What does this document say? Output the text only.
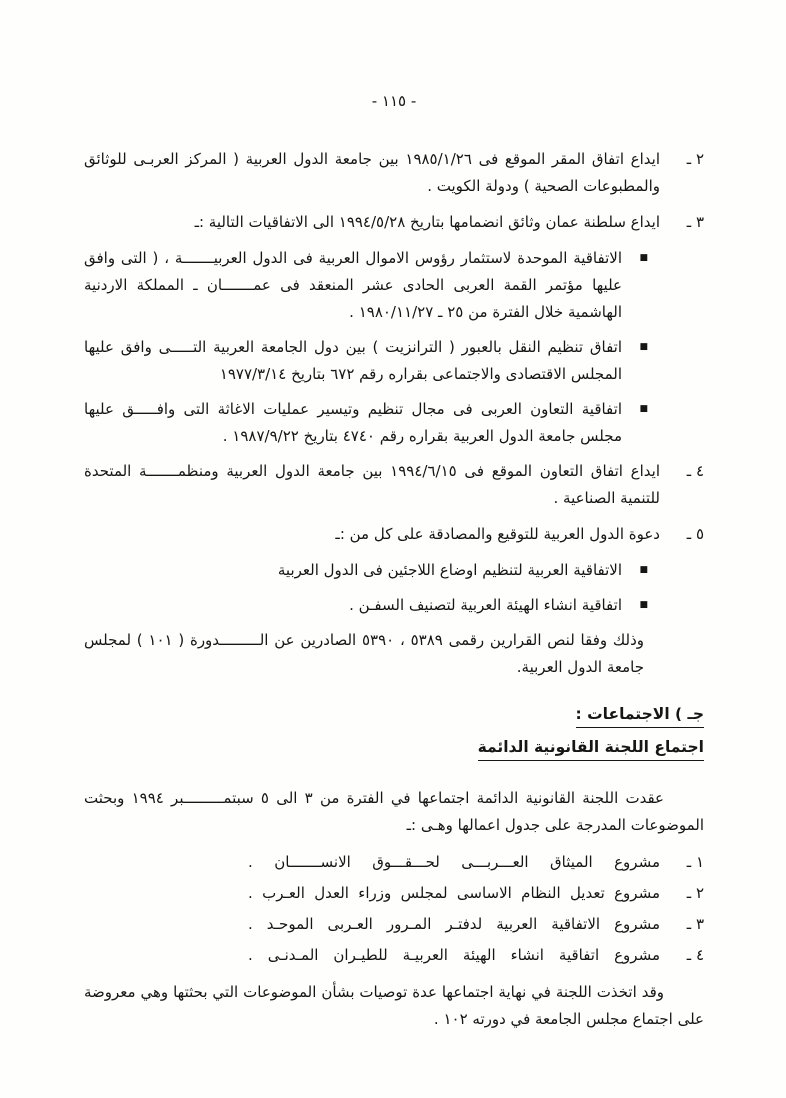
- ١١٥ -
٢ ـ

ايداع اتفاق المقر الموقع فى ١٩٨٥/١/٢٦ بين جامعة الدول العربية ( المركز العربـى للوثائق والمطبوعات الصحية ) ودولة الكويت .

٣ ـ

ايداع سلطنة عمان وثائق انضمامها بتاريخ ١٩٩٤/٥/٢٨ الى الاتفاقيات التالية :ـ

■

الاتفاقية الموحدة لاستثمار رؤوس الاموال العربية فى الدول العربيـــــــة ، ( التى وافق عليها مؤتمر القمة العربى الحادى عشر المنعقد فى عمـــــــان ـ المملكة الاردنية الهاشمية خلال الفترة من ٢٥ ـ ١٩٨٠/١١/٢٧ .

■

اتفاق تنظيم النقل بالعبور ( الترانزيت ) بين دول الجامعة العربية التـــــى وافق عليها المجلس الاقتصادى والاجتماعى بقراره رقم ٦٧٢ بتاريخ ١٩٧٧/٣/١٤

■

اتفاقية التعاون العربى فى مجال تنظيم وتيسير عمليات الاغاثة التى وافـــــق عليها مجلس جامعة الدول العربية بقراره رقم ٤٧٤٠ بتاريخ ١٩٨٧/٩/٢٢ .

٤ ـ

ايداع اتفاق التعاون الموقع فى ١٩٩٤/٦/١٥ بين جامعة الدول العربية ومنظمـــــــة المتحدة للتنمية الصناعية .

٥ ـ

دعوة الدول العربية للتوقيع والمصادقة على كل من :ـ

■

الاتفاقية العربية لتنظيم اوضاع اللاجئين فى الدول العربية

■

اتفاقية انشاء الهيئة العربية لتصنيف السفـن .

وذلك وفقا لنص القرارين رقمى ٥٣٨٩ ، ٥٣٩٠ الصادرين عن الـــــــــدورة ( ١٠١ ) لمجلس جامعة الدول العربية.

جـ ) الاجتماعات :
اجتماع اللجنة القانونية الدائمة

عقدت اللجنة القانونية الدائمة اجتماعها في الفترة من ٣ الى ٥ سبتمـــــــــبر ١٩٩٤ وبحثت الموضوعات المدرجة على جدول اعمالها وهـى :ـ

١ ـ

مشروع الميثاق العـــربـــى لحـــقـــوق الانســـــــان .

٢ ـ

مشروع تعديل النظام الاساسى لمجلس وزراء العدل العـرب .

٣ ـ

مشروع الاتفاقية العربية لدفتـر المـرور العـربى الموحـد .

٤ ـ

مشروع اتفاقية انشاء الهيئة العربيـة للطيـران المـدنـى .

وقد اتخذت اللجنة في نهاية اجتماعها عدة توصيات بشأن الموضوعات التي بحثتها وهي معروضة على اجتماع مجلس الجامعة في دورته ١٠٢ .
